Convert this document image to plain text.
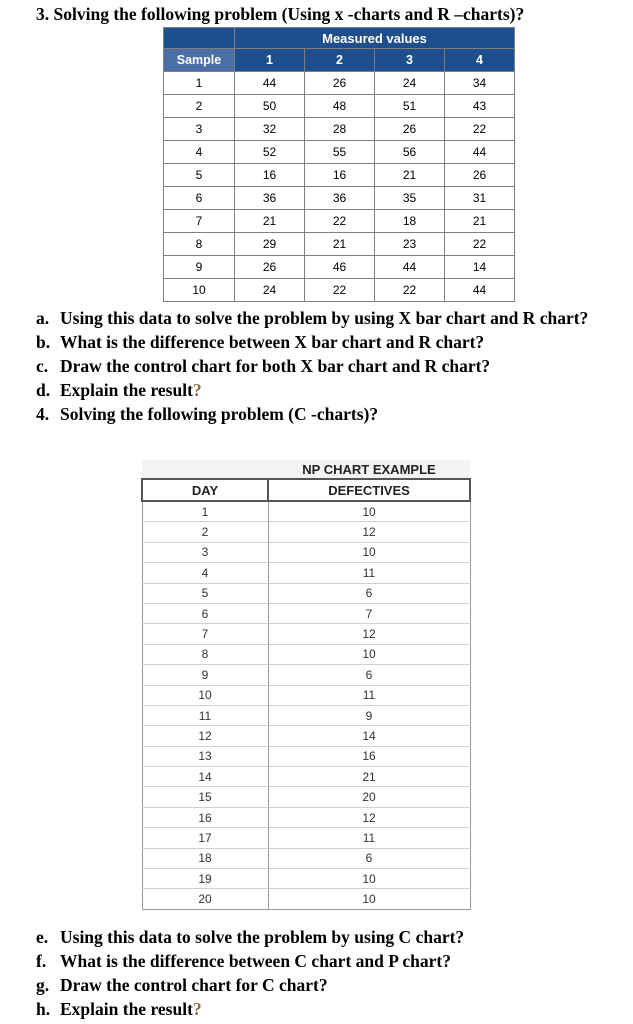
3. Solving the following problem (Using x -charts and R –charts)?
	Measured values			
Sample	1	2	3	4
1	44	26	24	34
2	50	48	51	43
3	32	28	26	22
4	52	55	56	44
5	16	16	21	26
6	36	36	35	31
7	21	22	18	21
8	29	21	23	22
9	26	46	44	14
10	24	22	22	44
a. Using this data to solve the problem by using X bar chart and R chart?
b. What is the difference between X bar chart and R chart?
c. Draw the control chart for both X bar chart and R chart?
d. Explain the result?
4. Solving the following problem (C -charts)?
	NP CHART EXAMPLE
DAY	DEFECTIVES
1	10
2	12
3	10
4	11
5	6
6	7
7	12
8	10
9	6
10	11
11	9
12	14
13	16
14	21
15	20
16	12
17	11
18	6
19	10
20	10
e. Using this data to solve the problem by using C chart?
f. What is the difference between C chart and P chart?
g. Draw the control chart for C chart?
h. Explain the result?
